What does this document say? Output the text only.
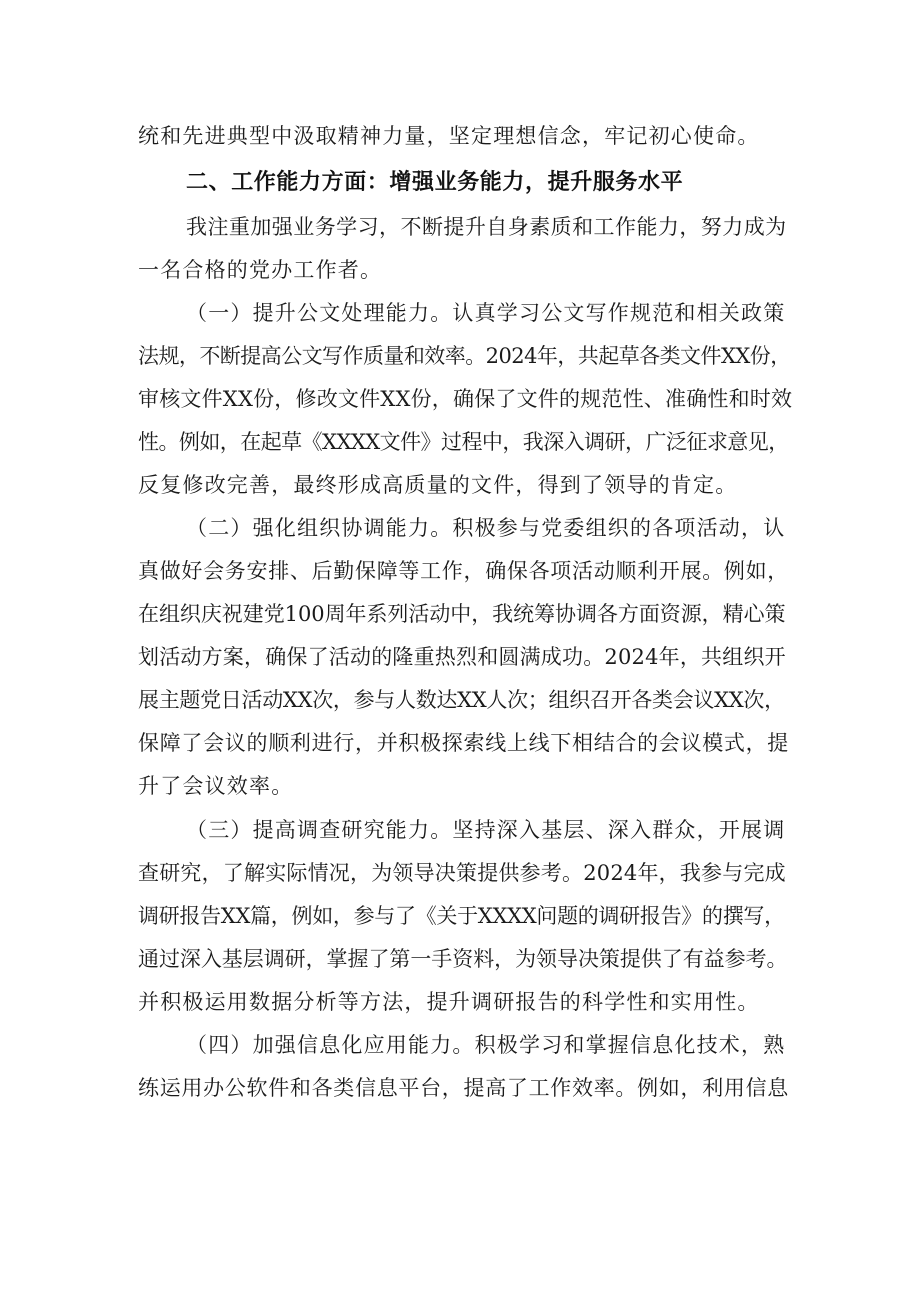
统和先进典型中汲取精神力量，坚定理想信念，牢记初心使命。
二、工作能力方面：增强业务能力，提升服务水平
我注重加强业务学习，不断提升自身素质和工作能力，努力成为
一名合格的党办工作者。
（一）提升公文处理能力。认真学习公文写作规范和相关政策
法规，不断提高公文写作质量和效率。2024年，共起草各类文件XX份，
审核文件XX份，修改文件XX份，确保了文件的规范性、准确性和时效
性。例如，在起草《XXXX文件》过程中，我深入调研，广泛征求意见，
反复修改完善，最终形成高质量的文件，得到了领导的肯定。
（二）强化组织协调能力。积极参与党委组织的各项活动，认
真做好会务安排、后勤保障等工作，确保各项活动顺利开展。例如，
在组织庆祝建党100周年系列活动中，我统筹协调各方面资源，精心策
划活动方案，确保了活动的隆重热烈和圆满成功。2024年，共组织开
展主题党日活动XX次，参与人数达XX人次；组织召开各类会议XX次，
保障了会议的顺利进行，并积极探索线上线下相结合的会议模式，提
升了会议效率。
（三）提高调查研究能力。坚持深入基层、深入群众，开展调
查研究，了解实际情况，为领导决策提供参考。2024年，我参与完成
调研报告XX篇，例如，参与了《关于XXXX问题的调研报告》的撰写，
通过深入基层调研，掌握了第一手资料，为领导决策提供了有益参考。
并积极运用数据分析等方法，提升调研报告的科学性和实用性。
（四）加强信息化应用能力。积极学习和掌握信息化技术，熟
练运用办公软件和各类信息平台，提高了工作效率。例如，利用信息
